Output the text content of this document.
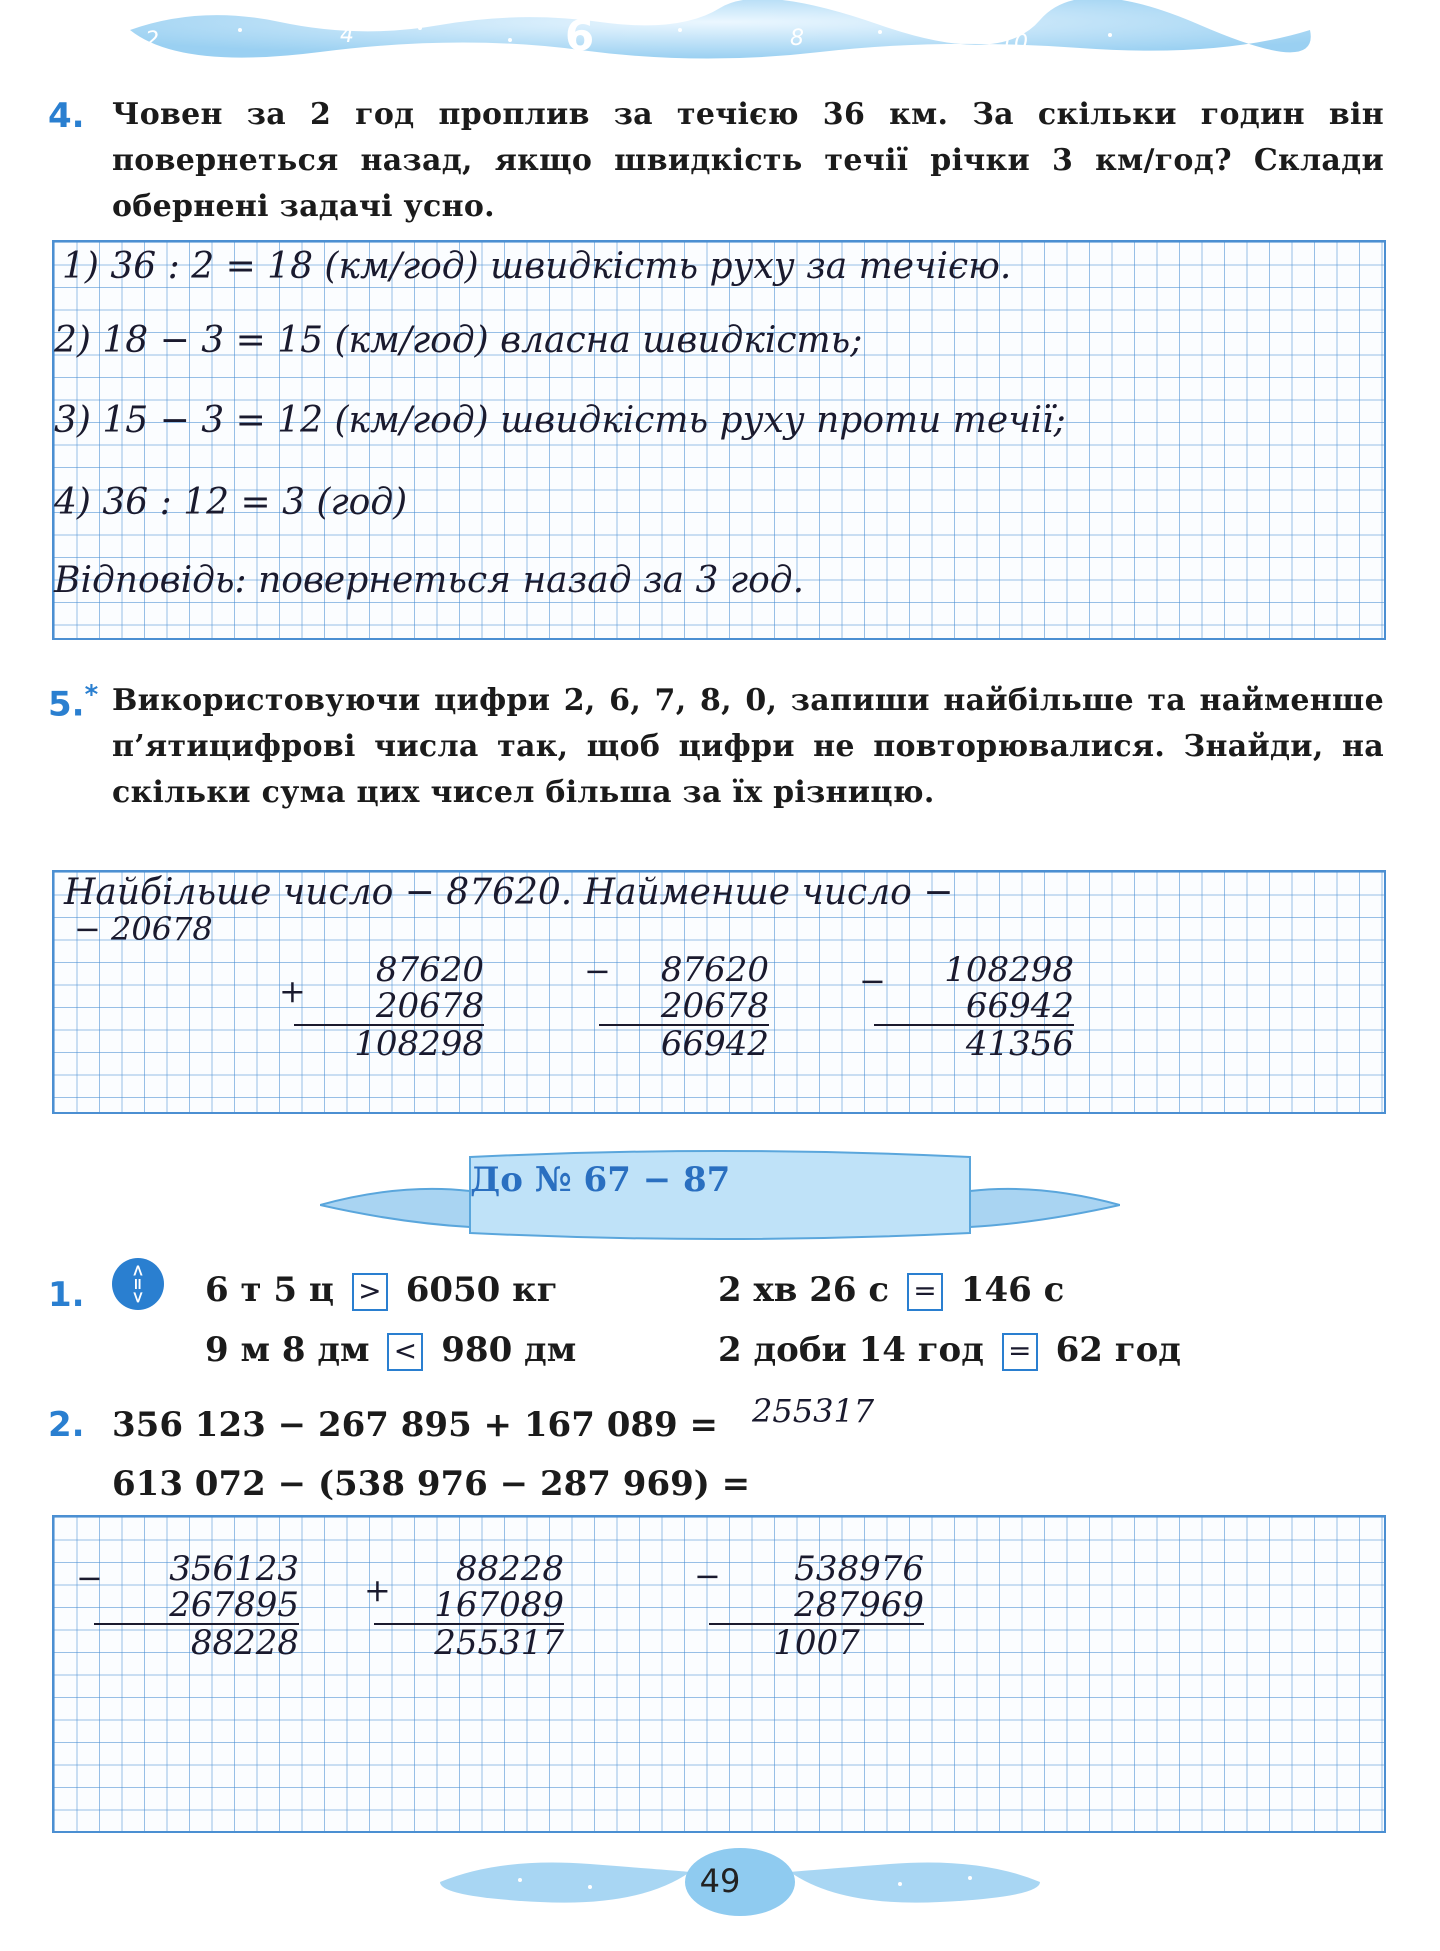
2	4	6	8	10
4. Човен за 2 год проплив за течією 36 км. За скільки годин він повернеться назад, якщо швидкість течії річки 3 км/год? Склади обернені задачі усно.
1) 36 : 2 = 18 (км/год) швидкість руху за течією.
2) 18 − 3 = 15 (км/год) власна швидкість;
3) 15 − 3 = 12 (км/год) швидкість руху проти течії;
4) 36 : 12 = 3 (год)
Відповідь: повернеться назад за 3 год.
5.* Використовуючи цифри 2, 6, 7, 8, 0, запиши найбільше та найменше п’ятицифрові числа так, щоб цифри не повторювалися. Знайди, на скільки сума цих чисел більша за їх різницю.
Найбільше число − 87620. Найменше число −
− 20678
+
87620
20678
108298
−	87620
20678
66942
−	108298
66942
41356
До № 67 − 87
1.	<=>	6 т 5 ц > 6050 кг
9 м 8 дм < 980 дм
2 хв 26 с = 146 с
2 доби 14 год = 62 год
2. 356 123 − 267 895 + 167 089 = 255317
613 072 − (538 976 − 287 969) =
−	356123
267895
88228
+
88228
167089
255317
−	538976
287969
1007
49
